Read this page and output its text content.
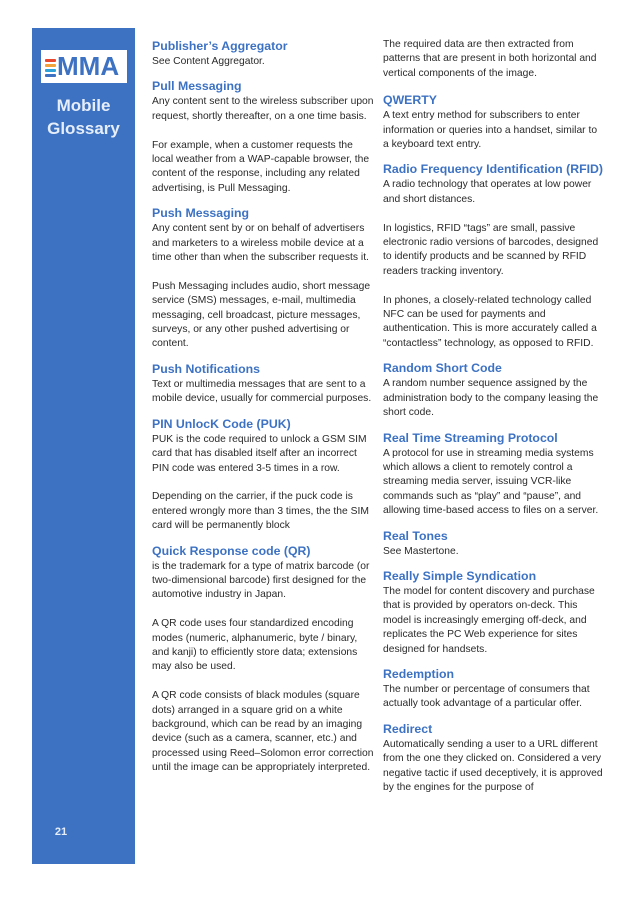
MMA
Mobile
Glossary
21

Publisher’s Aggregator

See Content Aggregator.

Pull Messaging

Any content sent to the wireless subscriber upon request, shortly thereafter, on a one time basis.

For example, when a customer requests the local weather from a WAP-capable browser, the content of the response, including any related advertising, is Pull Messaging.

Push Messaging

Any content sent by or on behalf of advertisers and marketers to a wireless mobile device at a time other than when the subscriber requests it.

Push Messaging includes audio, short message service (SMS) messages, e-mail, multimedia messaging, cell broadcast, picture messages, surveys, or any other pushed advertising or content.

Push Notifications

Text or multimedia messages that are sent to a mobile device, usually for commercial purposes.

PIN UnlocK Code (PUK)

PUK is the code required to unlock a GSM SIM card that has disabled itself after an incorrect PIN code was entered 3-5 times in a row.

Depending on the carrier, if the puck code is entered wrongly more than 3 times, the the SIM card will be permanently block

Quick Response code (QR)

is the trademark for a type of matrix barcode (or two-dimensional barcode) first designed for the automotive industry in Japan.

A QR code uses four standardized encoding modes (numeric, alphanumeric, byte / binary, and kanji) to efficiently store data; extensions may also be used.

A QR code consists of black modules (square dots) arranged in a square grid on a white background, which can be read by an imaging device (such as a camera, scanner, etc.) and processed using Reed–Solomon error correction until the image can be appropriately interpreted.

The required data are then extracted from patterns that are present in both horizontal and vertical components of the image.

QWERTY

A text entry method for subscribers to enter information or queries into a handset, similar to a keyboard text entry.

Radio Frequency Identification (RFID)

A radio technology that operates at low power and short distances.

In logistics, RFID “tags” are small, passive electronic radio versions of barcodes, designed to identify products and be scanned by RFID readers tracking inventory.

In phones, a closely-related technology called NFC can be used for payments and authentication. This is more accurately called a “contactless” technology, as opposed to RFID.

Random Short Code

A random number sequence assigned by the administration body to the company leasing the short code.

Real Time Streaming Protocol

A protocol for use in streaming media systems which allows a client to remotely control a streaming media server, issuing VCR-like commands such as “play” and “pause”, and allowing time-based access to files on a server.

Real Tones

See Mastertone.

Really Simple Syndication

The model for content discovery and purchase that is provided by operators on-deck. This model is increasingly emerging off-deck, and replicates the PC Web experience for sites designed for handsets.

Redemption

The number or percentage of consumers that actually took advantage of a particular offer.

Redirect

Automatically sending a user to a URL different from the one they clicked on. Considered a very negative tactic if used deceptively, it is approved by the engines for the purpose of
